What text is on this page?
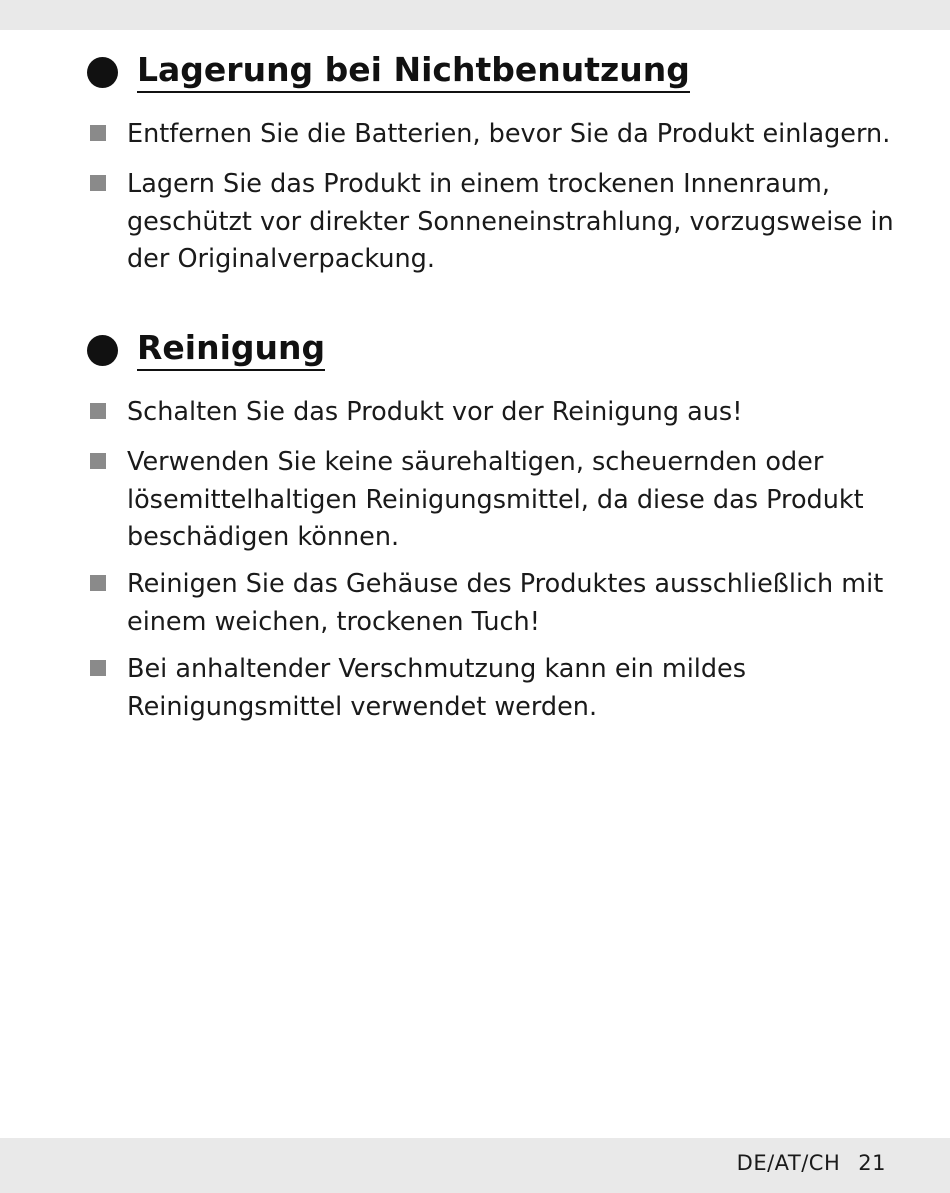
Lagerung bei Nichtbenutzung
Entfernen Sie die Batterien, bevor Sie da Produkt einlagern.
Lagern Sie das Produkt in einem trockenen Innenraum,
geschützt vor direkter Sonneneinstrahlung, vorzugsweise in
der Originalverpackung.
Reinigung
Schalten Sie das Produkt vor der Reinigung aus!
Verwenden Sie keine säurehaltigen, scheuernden oder
lösemittelhaltigen Reinigungsmittel, da diese das Produkt
beschädigen können.
Reinigen Sie das Gehäuse des Produktes ausschließlich mit
einem weichen, trockenen Tuch!
Bei anhaltender Verschmutzung kann ein mildes
Reinigungsmittel verwendet werden.
DE/AT/CH 21
